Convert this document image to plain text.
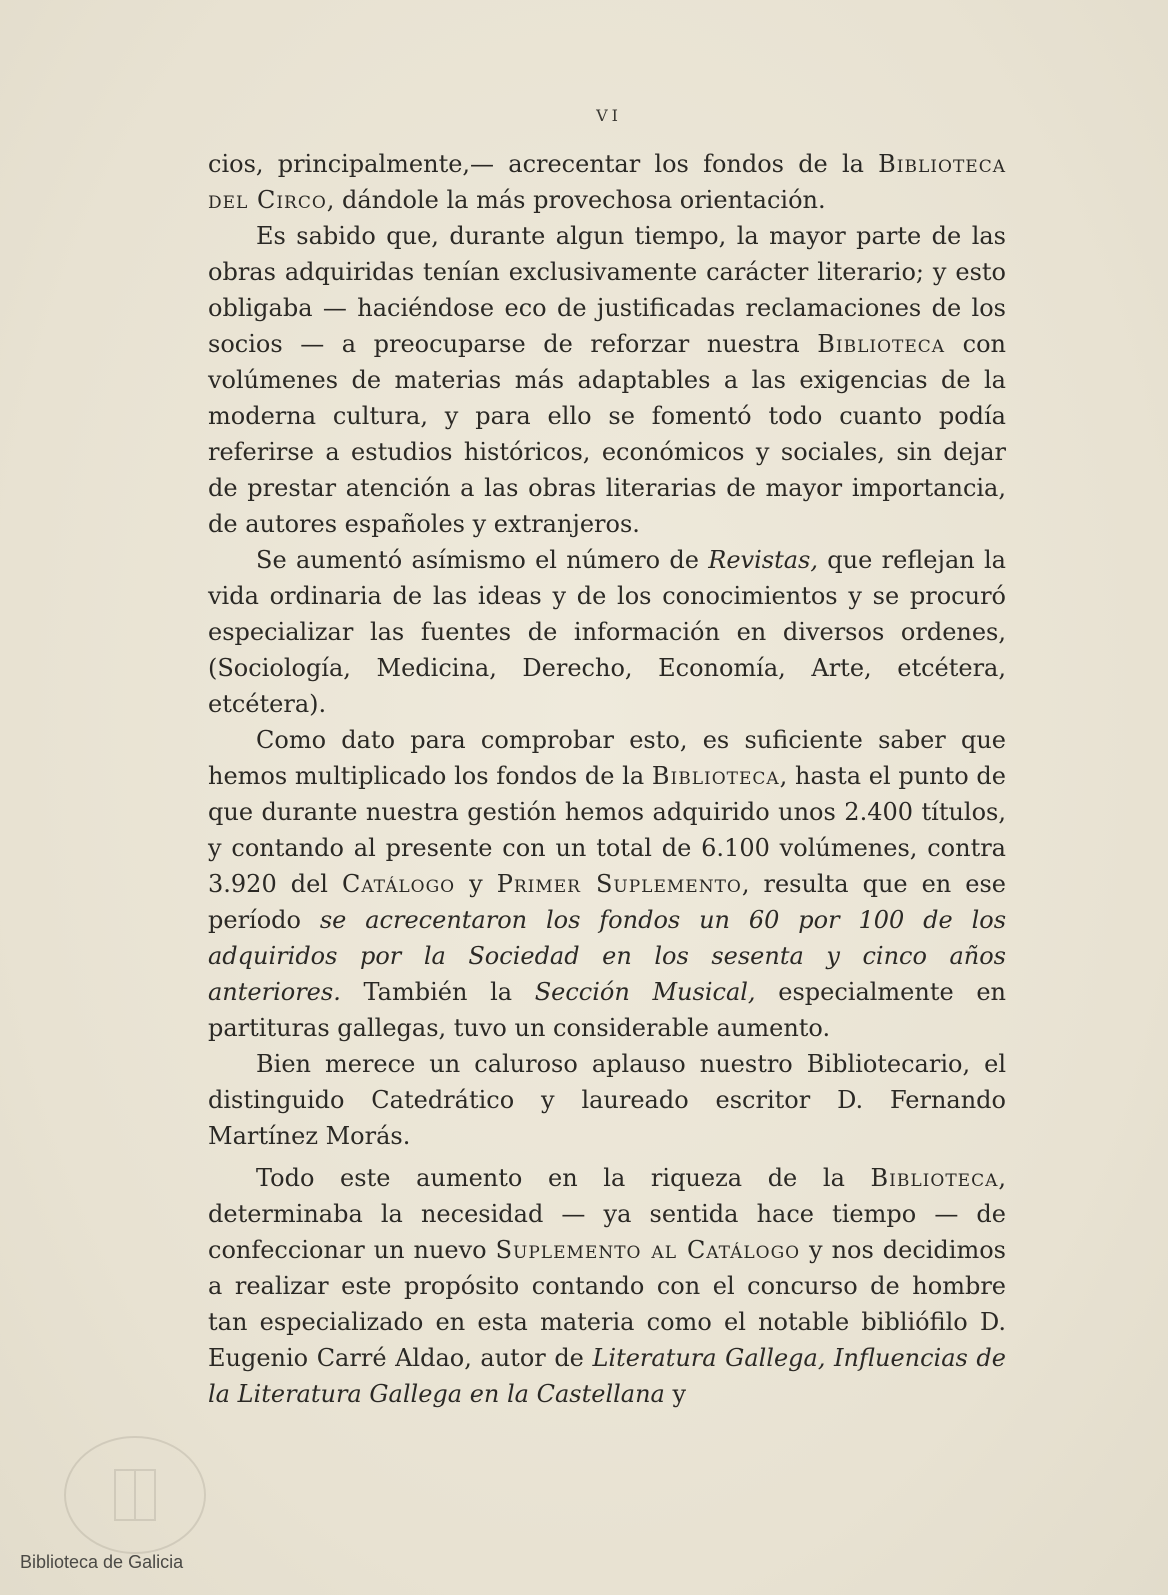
VI

cios, principalmente,— acrecentar los fondos de la Biblioteca del Circo, dándole la más provechosa orientación.

Es sabido que, durante algun tiempo, la mayor parte de las obras adquiridas tenían exclusivamente carácter literario; y esto obligaba — haciéndose eco de justificadas reclamaciones de los socios — a preocuparse de reforzar nuestra Biblioteca con volúmenes de materias más adaptables a las exigencias de la moderna cultura, y para ello se fomentó todo cuanto podía referirse a estudios históricos, económicos y sociales, sin dejar de prestar atención a las obras literarias de mayor importancia, de autores españoles y extranjeros.

Se aumentó asímismo el número de Revistas, que reflejan la vida ordinaria de las ideas y de los conocimientos y se procuró especializar las fuentes de información en diversos ordenes, (Sociología, Medicina, Derecho, Economía, Arte, etcétera, etcétera).

Como dato para comprobar esto, es suficiente saber que hemos multiplicado los fondos de la Biblioteca, hasta el punto de que durante nuestra gestión hemos adquirido unos 2.400 títulos, y contando al presente con un total de 6.100 volúmenes, contra 3.920 del Catálogo y Primer Suplemento, resulta que en ese período se acrecentaron los fondos un 60 por 100 de los adquiridos por la Sociedad en los sesenta y cinco años anteriores. También la Sección Musical, especialmente en partituras gallegas, tuvo un considerable aumento.

Bien merece un caluroso aplauso nuestro Bibliotecario, el distinguido Catedrático y laureado escritor D. Fernando Martínez Morás.

Todo este aumento en la riqueza de la Biblioteca, determinaba la necesidad — ya sentida hace tiempo — de confeccionar un nuevo Suplemento al Catálogo y nos decidimos a realizar este propósito contando con el concurso de hombre tan especializado en esta materia como el notable bibliófilo D. Eugenio Carré Aldao, autor de Literatura Gallega, Influencias de la Literatura Gallega en la Castellana y

Biblioteca de Galicia
